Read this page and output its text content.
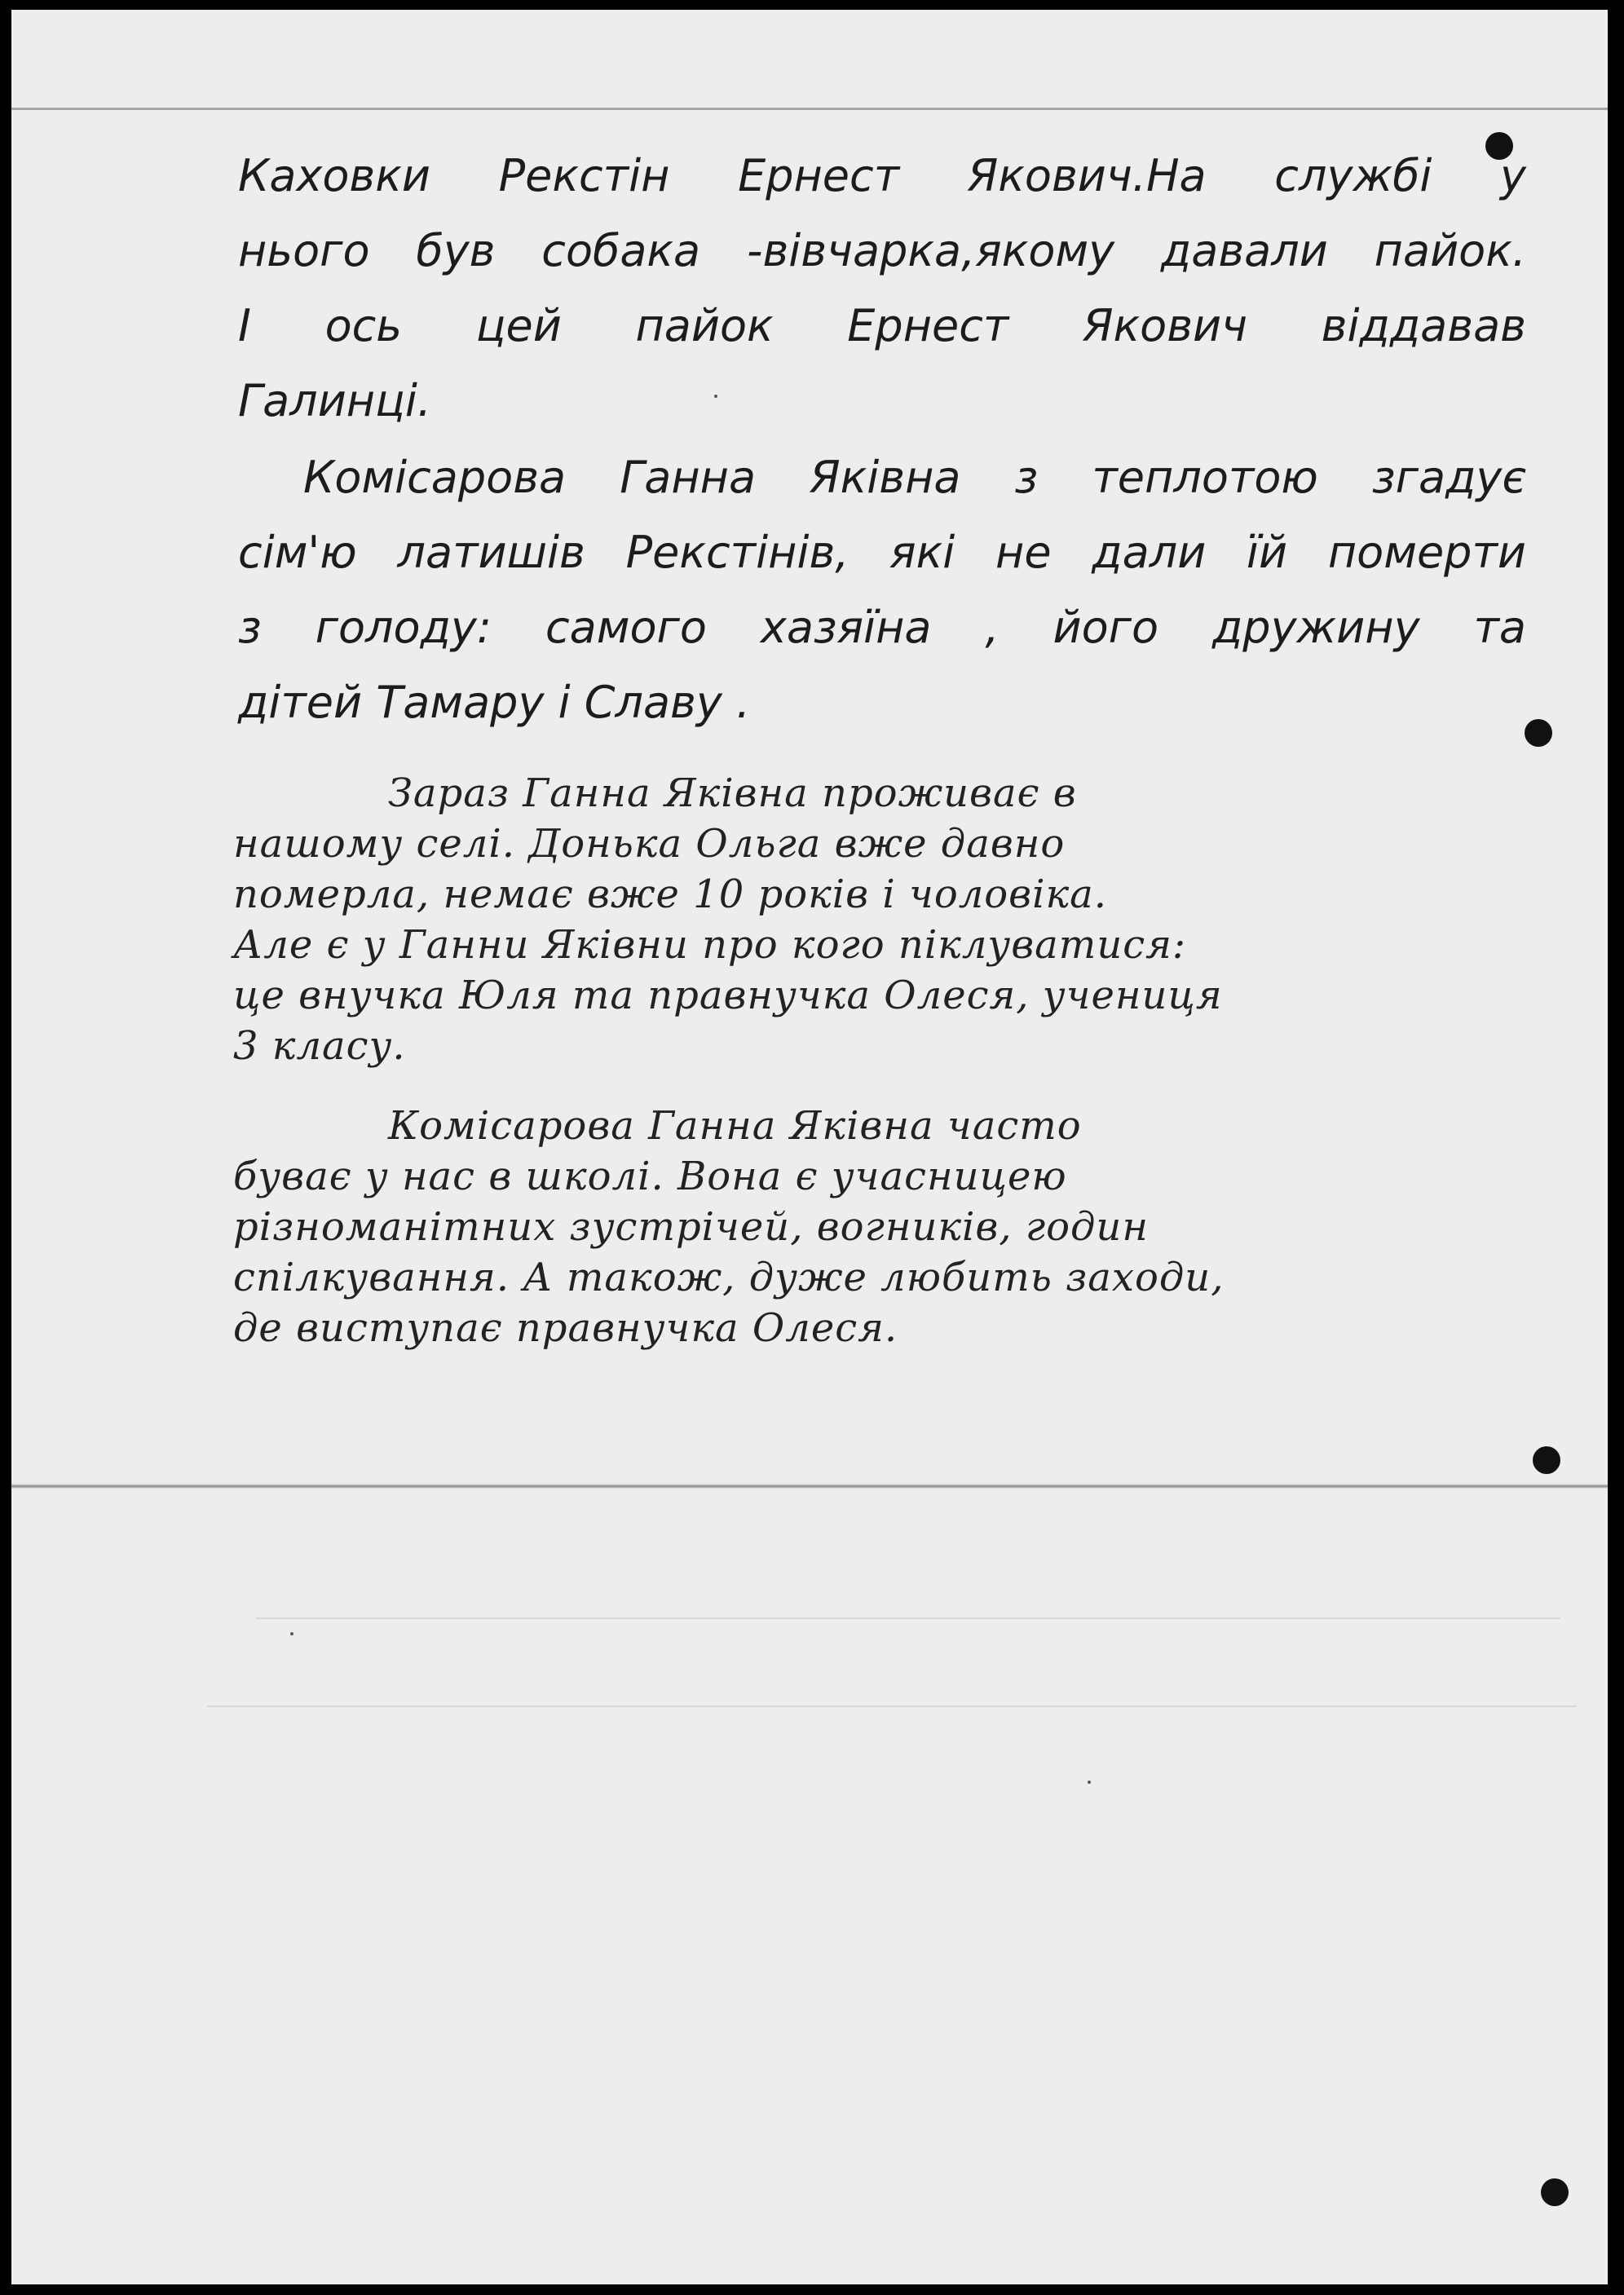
Каховки Рекстін Ернест Якович.На службі у
нього був собака -вівчарка,якому давали пайок.
І ось цей пайок Ернест Якович віддавав
Галинці.
Комісарова Ганна Яківна з теплотою згадує
сім'ю латишів Рекстінів, які не дали їй померти
з голоду: самого хазяїна , його дружину та
дітей Тамару і Славу .
Зараз Ганна Яківна проживає в
нашому селі. Донька Ольга вже давно
померла, немає вже 10 років і чоловіка.
Але є у Ганни Яківни про кого піклуватися:
це внучка Юля та правнучка Олеся, учениця
3 класу.
Комісарова Ганна Яківна часто
буває у нас в школі. Вона є учасницею
різноманітних зустрічей, вогників, годин
спілкування. А також, дуже любить заходи,
де виступає правнучка Олеся.
